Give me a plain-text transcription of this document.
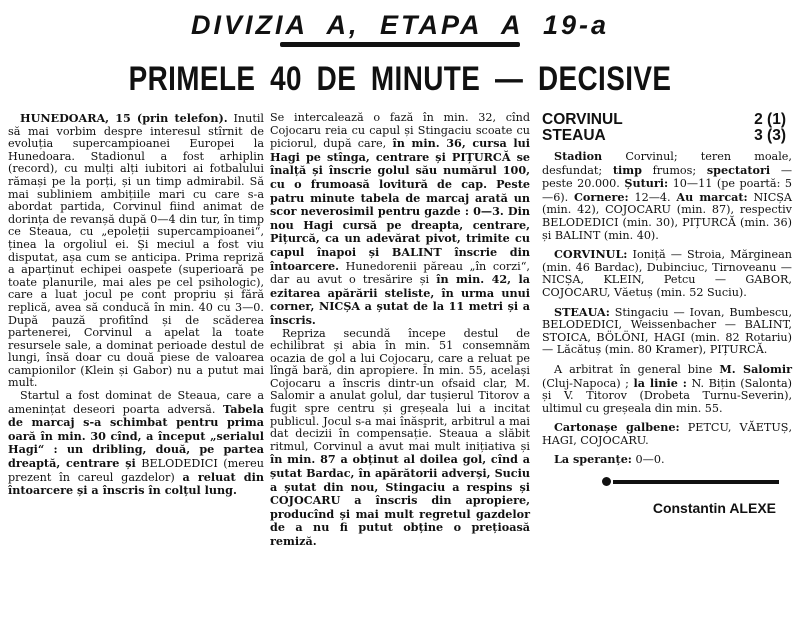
DIVIZIA A, ETAPA A 19-a
PRIMELE 40 DE MINUTE — DECISIVE

HUNEDOARA, 15 (prin telefon). Inutil să mai vorbim despre interesul stîrnit de evoluția supercampioanei Europei la Hunedoara. Stadionul a fost arhiplin (record), cu mulți alți iubitori ai fotbalului rămași pe la porți, și un timp admirabil. Să mai subliniem ambițiile mari cu care s-a abordat partida, Corvinul fiind animat de dorința de revanșă după 0—4 din tur, în timp ce Steaua, cu „epoleții supercampioanei“, ținea la orgoliul ei. Și meciul a fost viu disputat, așa cum se anticipa. Prima repriză a aparținut echipei oaspete (superioară pe toate planurile, mai ales pe cel psihologic), care a luat jocul pe cont propriu și fără replică, avea să conducă în min. 40 cu 3—0. După pauză profitînd și de scăderea partenerei, Corvinul a apelat la toate resursele sale, a dominat perioade destul de lungi, însă doar cu două piese de valoarea campionilor (Klein și Gabor) nu a putut mai mult.

Startul a fost dominat de Steaua, care a amenințat deseori poarta adversă. Tabela de marcaj s-a schimbat pentru prima oară în min. 30 cînd, a început „serialul Hagi“ : un dribling, două, pe partea dreaptă, centrare și BELODEDICI (mereu prezent în careul gazdelor) a reluat din întoarcere și a înscris în colțul lung.

Se intercalează o fază în min. 32, cînd Cojocaru reia cu capul și Stingaciu scoate cu piciorul, după care, în min. 36, cursa lui Hagi pe stînga, centrare și PIȚURCĂ se înalță și înscrie golul său numărul 100, cu o frumoasă lovitură de cap. Peste patru minute tabela de marcaj arată un scor neverosimil pentru gazde : 0—3. Din nou Hagi cursă pe dreapta, centrare, Pițurcă, ca un adevărat pivot, trimite cu capul înapoi și BALINT înscrie din întoarcere. Hunedorenii păreau „în corzi“, dar au avut o tresărire și în min. 42, la ezitarea apărării steliste, în urma unui corner, NICȘA a șutat de la 11 metri și a înscris.

Repriza secundă începe destul de echilibrat și abia în min. 51 consemnăm ocazia de gol a lui Cojocaru, care a reluat pe lîngă bară, din apropiere. În min. 55, același Cojocaru a înscris dintr-un ofsaid clar, M. Salomir a anulat golul, dar tușierul Titorov a fugit spre centru și greșeala lui a incitat publicul. Jocul s-a mai înăsprit, arbitrul a mai dat decizii în compensație. Steaua a slăbit ritmul, Corvinul a avut mai mult inițiativa și în min. 87 a obținut al doilea gol, cînd a șutat Bardac, în apărătorii adverși, Suciu a șutat din nou, Stingaciu a respins și COJOCARU a înscris din apropiere, producînd și mai mult regretul gazdelor de a nu fi putut obține o prețioasă remiză.

CORVINUL	2 (1)
STEAUA	3 (3)

Stadion Corvinul; teren moale, desfundat; timp frumos; spectatori — peste 20.000. Șuturi: 10—11 (pe poartă: 5—6). Cornere: 12—4. Au marcat: NICȘA (min. 42), COJOCARU (min. 87), respectiv BELODEDICI (min. 30), PIȚURCĂ (min. 36) și BALINT (min. 40).

CORVINUL: Ioniță — Stroia, Mărginean (min. 46 Bardac), Dubinciuc, Tirnoveanu — NICȘA, KLEIN, Petcu — GABOR, COJOCARU, Văetuș (min. 52 Suciu).

STEAUA: Stingaciu — Iovan, Bumbescu, BELODEDICI, Weissenbacher — BALINT, STOICA, BÖLÖNI, HAGI (min. 82 Rotariu) — Lăcătuș (min. 80 Kramer), PIȚURCĂ.

A arbitrat în general bine M. Salomir (Cluj-Napoca) ; la linie : N. Bițin (Salonta) și V. Titorov (Drobeta Turnu-Severin), ultimul cu greșeala din min. 55.

Cartonașe galbene: PETCU, VĂETUȘ, HAGI, COJOCARU.

La speranțe: 0—0.

Constantin ALEXE
